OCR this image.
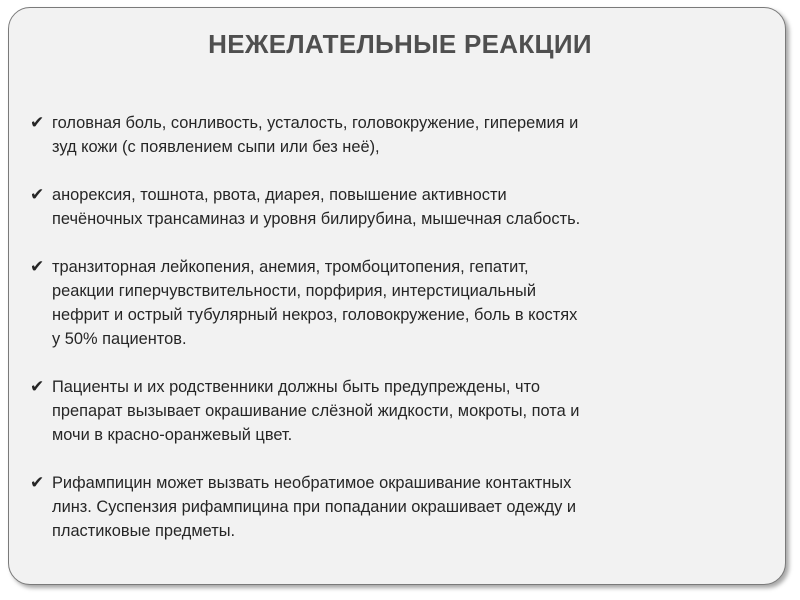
НЕЖЕЛАТЕЛЬНЫЕ РЕАКЦИИ
✔ головная боль, сонливость, усталость, головокружение, гиперемия и
зуд кожи (с появлением сыпи или без неё),
✔ анорексия, тошнота, рвота, диарея, повышение активности
печёночных трансаминаз и уровня билирубина, мышечная слабость.
✔ транзиторная лейкопения, анемия, тромбоцитопения, гепатит,
реакции гиперчувствительности, порфирия, интерстициальный
нефрит и острый тубулярный некроз, головокружение, боль в костях
у 50% пациентов.
✔ Пациенты и их родственники должны быть предупреждены, что
препарат вызывает окрашивание слёзной жидкости, мокроты, пота и
мочи в красно-оранжевый цвет.
✔ Рифампицин может вызвать необратимое окрашивание контактных
линз. Суспензия рифампицина при попадании окрашивает одежду и
пластиковые предметы.
